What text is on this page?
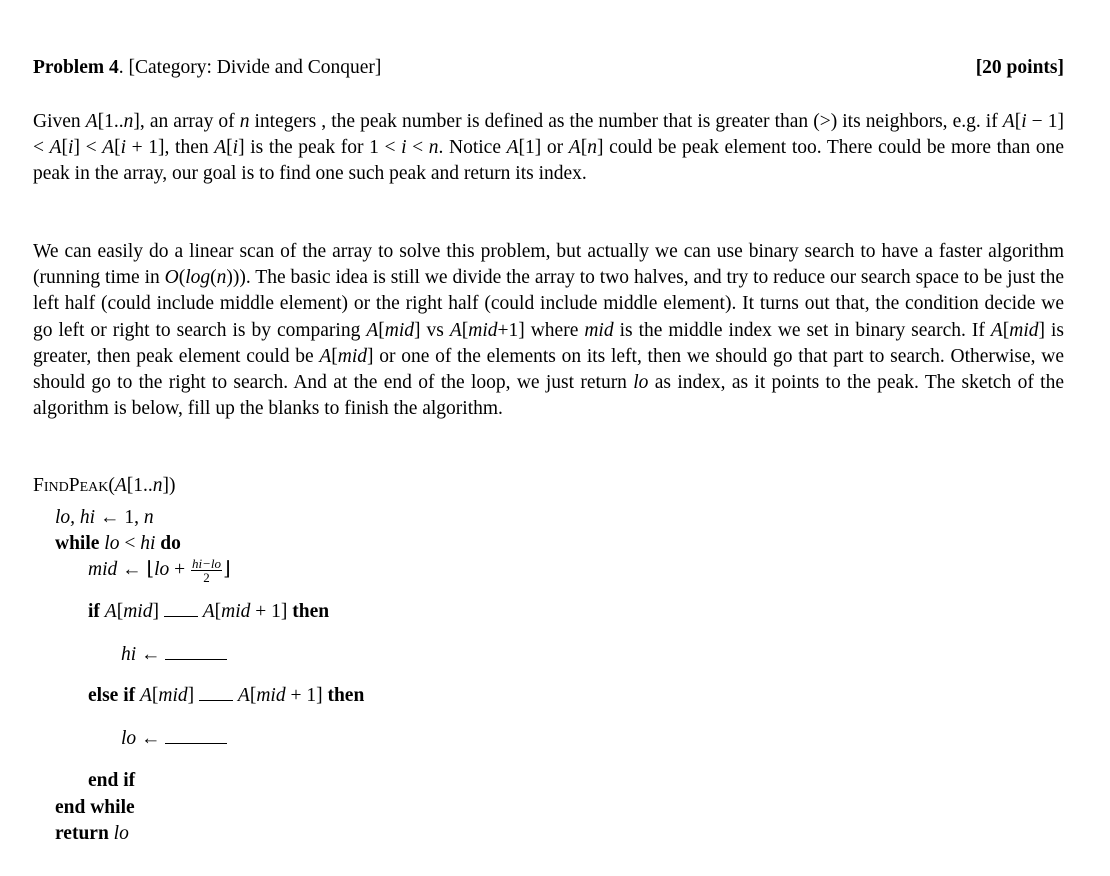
Problem 4. [Category: Divide and Conquer]	[20 points]
Given A[1..n], an array of n integers , the peak number is defined as the number that is greater than (>) its neighbors, e.g. if A[i − 1] < A[i] < A[i + 1], then A[i] is the peak for 1 < i < n. Notice A[1] or A[n] could be peak element too. There could be more than one peak in the array, our goal is to find one such peak and return its index.
We can easily do a linear scan of the array to solve this problem, but actually we can use binary search to have a faster algorithm (running time in O(log(n))). The basic idea is still we divide the array to two halves, and try to reduce our search space to be just the left half (could include middle element) or the right half (could include middle element). It turns out that, the condition decide we go left or right to search is by comparing A[mid] vs A[mid+1] where mid is the middle index we set in binary search. If A[mid] is greater, then peak element could be A[mid] or one of the elements on its left, then we should go that part to search. Otherwise, we should go to the right to search. And at the end of the loop, we just return lo as index, as it points to the peak. The sketch of the algorithm is below, fill up the blanks to finish the algorithm.
FindPeak(A[1..n])
lo, hi ← 1, n
while lo < hi do
mid ← ⌊lo + $\frac{hi-lo}{2}$ ⌋
if A[mid] A[mid + 1] then
hi ←
else if A[mid] A[mid + 1] then
lo ←
end if
end while
return lo
